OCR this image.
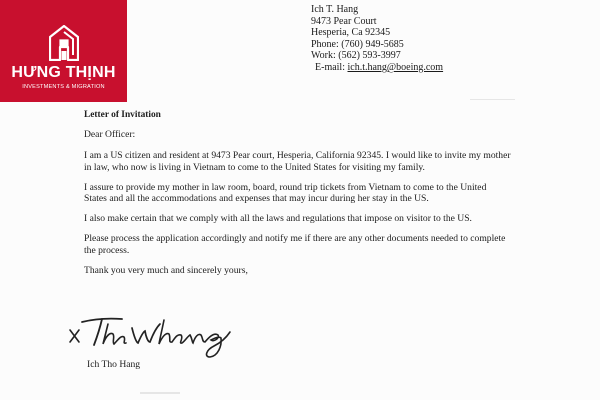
HƯNG THỊNH
INVESTMENTS & MIGRATION
Ich T. Hang
9473 Pear Court
Hesperia, Ca 92345
Phone: (760) 949-5685
Work: (562) 593-3997
E-mail: ich.t.hang@boeing.com
Letter of Invitation
Dear Officer:

I am a US citizen and resident at 9473 Pear court, Hesperia, California 92345. I would like to invite my mother in law, who now is living in Vietnam to come to the United States for visiting my family.

I assure to provide my mother in law room, board, round trip tickets from Vietnam to come to the United States and all the accommodations and expenses that may incur during her stay in the US.

I also make certain that we comply with all the laws and regulations that impose on visitor to the US.

Please process the application accordingly and notify me if there are any other documents needed to complete the process.

Thank you very much and sincerely yours,
Ich Tho Hang
